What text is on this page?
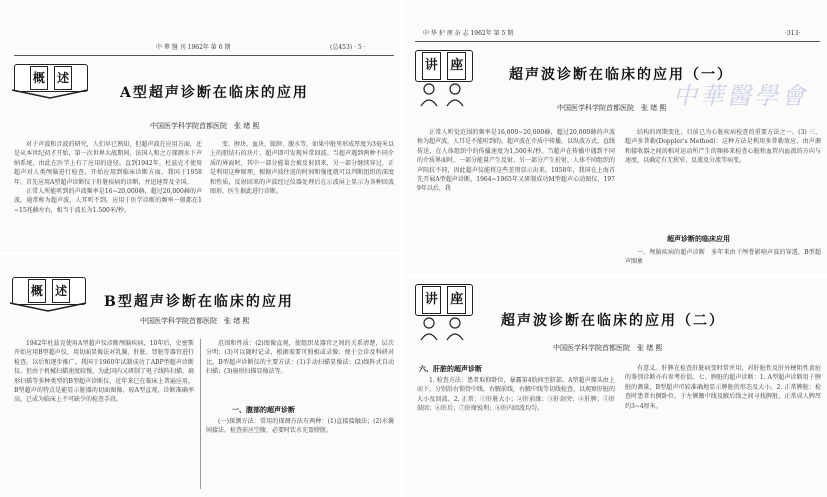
中 華 醫 刊 1962年 第 6 期	(总453) · 5 ·
概 述
A型超声诊断在临床的应用
中国医学科学院首都医院　张 绪 熙

对于声波和音波的研究，人们早已熟知，但超声波在应用方面，还是从本世纪初才开始，第一次世界大战期间，法国人和之万探测水下声纳系统，由此在医学上有了应用的途径。直到1942年，杜兹克才使用超声对人类颅脑进行检查，开始应用到临床诊断方面。我国于1958年，首先应用A型超声诊断仪于肝脏疾病的诊断，并迅速普及全国。

正常人所能听到的声波频率是16~20,000赫，超过20,000赫的声波，通常称为超声波，人耳听不到。应用于医学诊断的频率一般都在1~15兆赫左右，相当于波长为1.500米/秒。

变、肿块、血块、脓肿、腹水等，如果中脏里形成厚度为3毫米以上的胆结石的块片，超声即可发现异常回波。当超声遇到两种不同介质的界面时，其中一部分能量会被反射回来，另一部分继续穿过，正是利用这种原理，根据声波往返的时间和强度就可以判断组织的深度和性质，反射回来的声波经过仪器处理后在示波屏上显示为各种回波图形，医生据此进行诊断。

概 述
B型超声诊断在临床的应用
中国医学科学院首都医院　张 绪 熙

1942年杜兹克使用A型超声仪诊断颅脑疾病，10年后，史密斯开始应用B型超声仪，用切面显像法对乳腺、肝脏、肾脏等器官进行检查。以后和逐步推广。我国于1960年试制成功了ABP型超声诊断仪，但由于机械扫描速度较慢，为此国内又研制了电子线阵扫描、扇形扫描等多种类型的B型超声诊断仪，近年来已在临床上普遍应用，B型超声的特点是能显示脏器的切面图像，较A型直观，诊断准确率高，已成为临床上不可缺少的检查手段。

范围和性质：(2)图像直观，使组织及器官之间的关系清楚，层次分明；(3)可以随时记录，根据需要可照相或录像；便于会诊及科研对比。B型超声诊断仪的主要方法：(1)手动扫描显像法；(2)线阵式自动扫描；(3)扇形扫描显像法等。

一、腹部的超声诊断

(一)探测方法：常用的探测方法有两种：(1)直接接触法；(2)水囊间接法。检查前应空腹，必要时饮水充盈膀胱。

中 华 护 理 杂 志 1962年 第 5 期	·313·
讲 座
超声波诊断在临床的应用（一）
中華醫學會
中国医学科学院首都医院　张 绪 熙

正常人听觉范围的频率是16,000~20,000赫，超过20,000赫的声波称为超声波，人耳是不能听到的。超声波在介质中传播，以纵波方式，直线传送，在人体组织中的传播速度为1,500米/秒。当超声在传播中遇到不同的介质界面时，一部分能量产生反射，另一部分产生折射，人体不同组织的声阻抗不同，因此超声仪能将这些差别显示出来。1958年，我国在上海首先开展A型超声诊断，1964~1965年又研制成功M型超声心动图仪，1979年以后，我

结构的周期变化，目前已为心脏疾病检查的重要方法之一。(3) 三、超声多普勒(Doppler's Method)：这种方法是利用多普勒效应，由声源和接收器之间的相对运动所产生的频移来检查心脏和血管内血流的方向与速度，以确定有无狭窄、反流及分流等病变。

超声诊断的临床应用

一、颅脑疾病的超声诊断　多年来由于颅骨影响声波的穿透，B型超声图象

讲 座
超声波诊断在临床的应用（二）
中国医学科学院首都医院　张 绪 熙
六、肝脏的超声诊断

1. 检查方法：患者取仰卧位，暴露第4肋间至脐部，A型超声探头由上而下，分别沿右锁骨中线，右腋前线，右腋中线等切线检查，以观察肝脏的大小及回波。2. 正常：①肝脏大小；②肝前缘；③肝剑突；④肝脾；⑤肝鼓回；⑥肝后；⑦肝缘锐利；⑧肝内回波均匀。

有意义。肝脾在检查肝脏病变时常并用，对肝脏性及肝外梗阻性黄疸的鉴别诊断亦有参考价值。七、脾脏的超声诊断：1. A型超声诊断用于脾脏的测量，B型超声可较准确地显示脾脏的形态及大小。2. 正常脾脏：检查时患者右侧卧位，于左侧腋中线及腋后线之间寻找脾脏，正常成人脾厚约3~4厘米。
